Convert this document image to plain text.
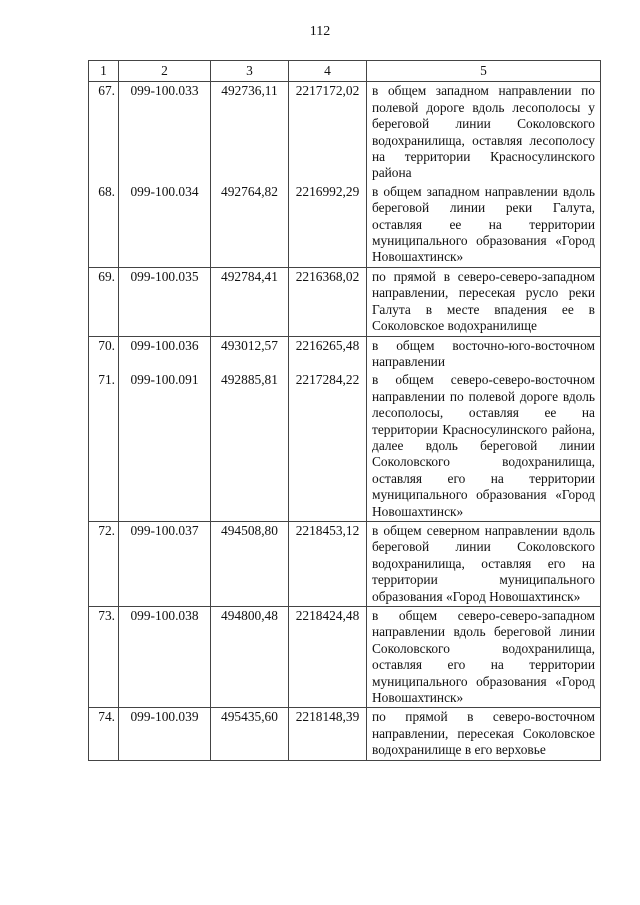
112
1	2	3	4	5
67.	099-100.033	492736,11	2217172,02	в общем западном направлении по полевой дороге вдоль лесополосы у береговой линии Соколовского водохранилища, оставляя лесополосу на территории Красносулинского района
68.	099-100.034	492764,82	2216992,29	в общем западном направлении вдоль береговой линии реки Галута, оставляя ее на территории муниципального образования «Город Новошахтинск»
69.	099-100.035	492784,41	2216368,02	по прямой в северо-северо-западном направлении, пересекая русло реки Галута в месте впадения ее в Соколовское водохранилище
70.	099-100.036	493012,57	2216265,48	в общем восточно-юго-восточном направлении
71.	099-100.091	492885,81	2217284,22	в общем северо-северо-восточном направлении по полевой дороге вдоль лесополосы, оставляя ее на территории Красносулинского района, далее вдоль береговой линии Соколовского водохранилища, оставляя его на территории муниципального образования «Город Новошахтинск»
72.	099-100.037	494508,80	2218453,12	в общем северном направлении вдоль береговой линии Соколовского водохранилища, оставляя его на территории муниципального образования «Город Новошахтинск»
73.	099-100.038	494800,48	2218424,48	в общем северо-северо-западном направлении вдоль береговой линии Соколовского водохранилища, оставляя его на территории муниципального образования «Город Новошахтинск»
74.	099-100.039	495435,60	2218148,39	по прямой в северо-восточном направлении, пересекая Соколовское водохранилище в его верховье
